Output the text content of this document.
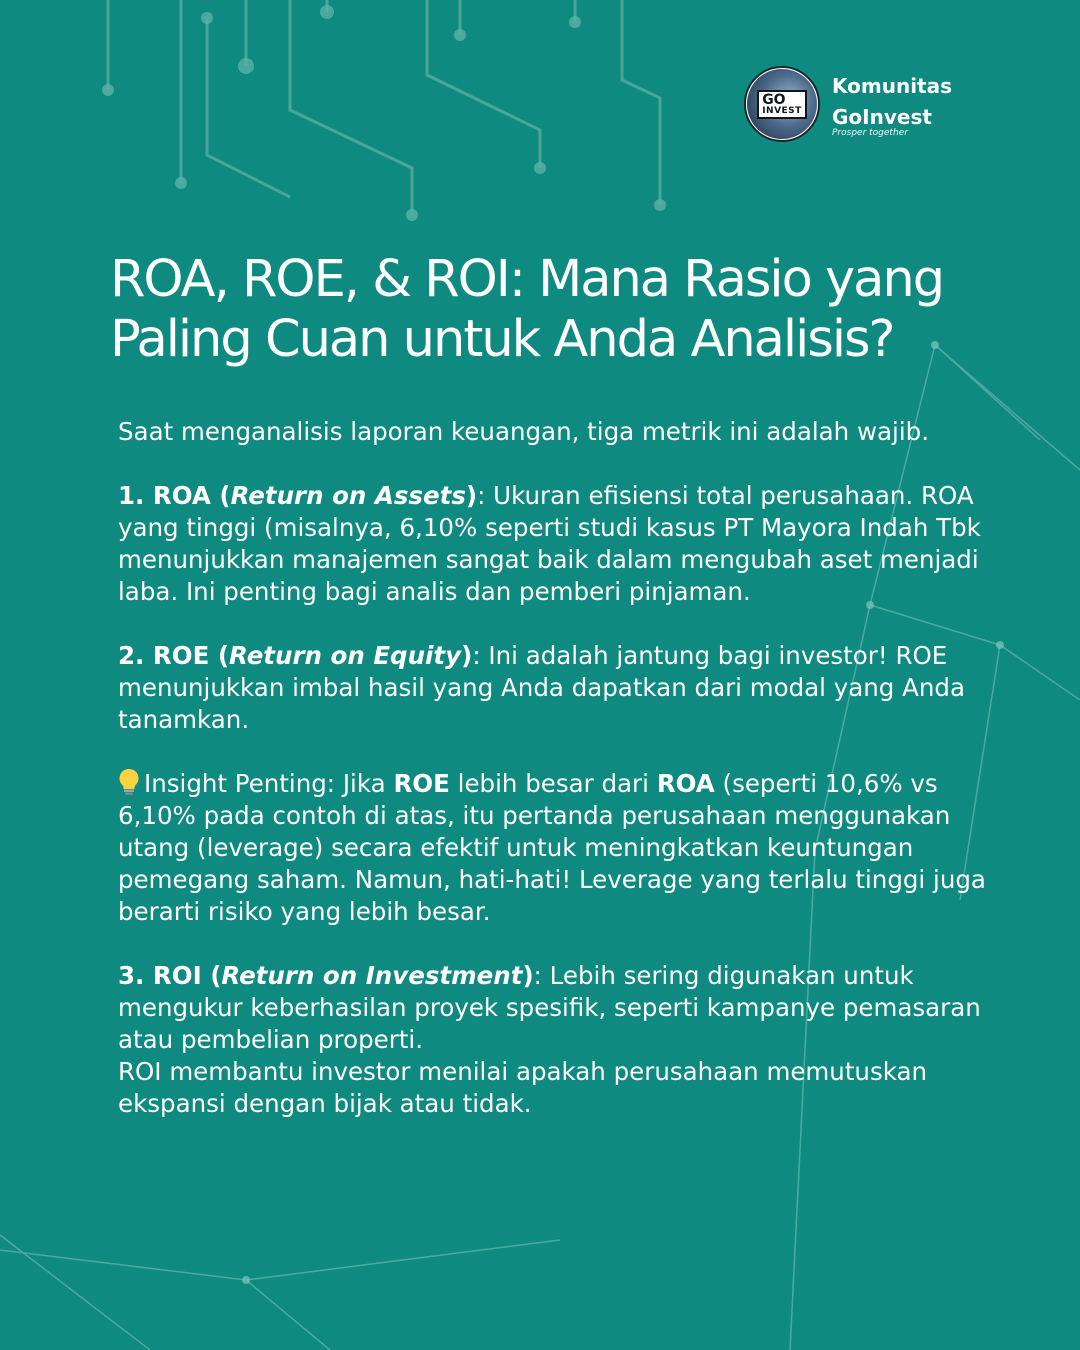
GO
INVEST
Komunitas
GoInvest
Prosper together
ROA, ROE, & ROI: Mana Rasio yang
Paling Cuan untuk Anda Analisis?

Saat menganalisis laporan keuangan, tiga metrik ini adalah wajib.

1. ROA (Return on Assets): Ukuran efisiensi total perusahaan. ROA yang tinggi (misalnya, 6,10% seperti studi kasus PT Mayora Indah Tbk menunjukkan manajemen sangat baik dalam mengubah aset menjadi laba. Ini penting bagi analis dan pemberi pinjaman.

2. ROE (Return on Equity): Ini adalah jantung bagi investor! ROE menunjukkan imbal hasil yang Anda dapatkan dari modal yang Anda tanamkan.

Insight Penting: Jika ROE lebih besar dari ROA (seperti 10,6% vs 6,10% pada contoh di atas, itu pertanda perusahaan menggunakan utang (leverage) secara efektif untuk meningkatkan keuntungan pemegang saham. Namun, hati-hati! Leverage yang terlalu tinggi juga berarti risiko yang lebih besar.

3. ROI (Return on Investment): Lebih sering digunakan untuk mengukur keberhasilan proyek spesifik, seperti kampanye pemasaran atau pembelian properti.
ROI membantu investor menilai apakah perusahaan memutuskan ekspansi dengan bijak atau tidak.
